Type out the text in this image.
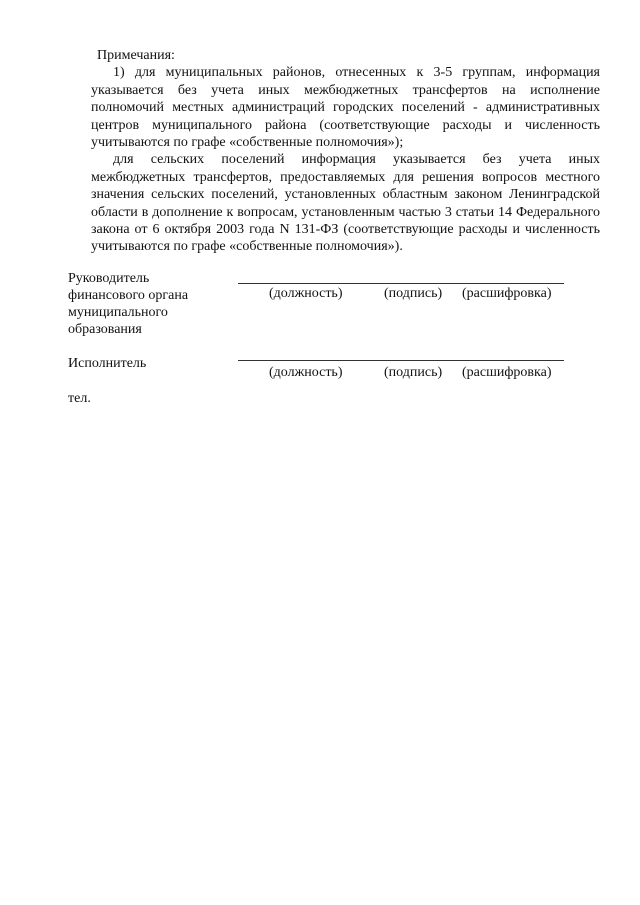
Примечания:

1) для муниципальных районов, отнесенных к 3-5 группам, информация указывается без учета иных межбюджетных трансфертов на исполнение полномочий местных администраций городских поселений - административных центров муниципального района (соответствующие расходы и численность учитываются по графе «собственные полномочия»);

для сельских поселений информация указывается без учета иных межбюджетных трансфертов, предоставляемых для решения вопросов местного значения сельских поселений, установленных областным законом Ленинградской области в дополнение к вопросам, установленным частью 3 статьи 14 Федерального закона от 6 октября 2003 года N 131-ФЗ (соответствующие расходы и численность учитываются по графе «собственные полномочия»).

Руководитель финансового органа муниципального образования
(должность)	(подпись) (расшифровка)
Исполнитель
(должность)	(подпись) (расшифровка)
тел.
